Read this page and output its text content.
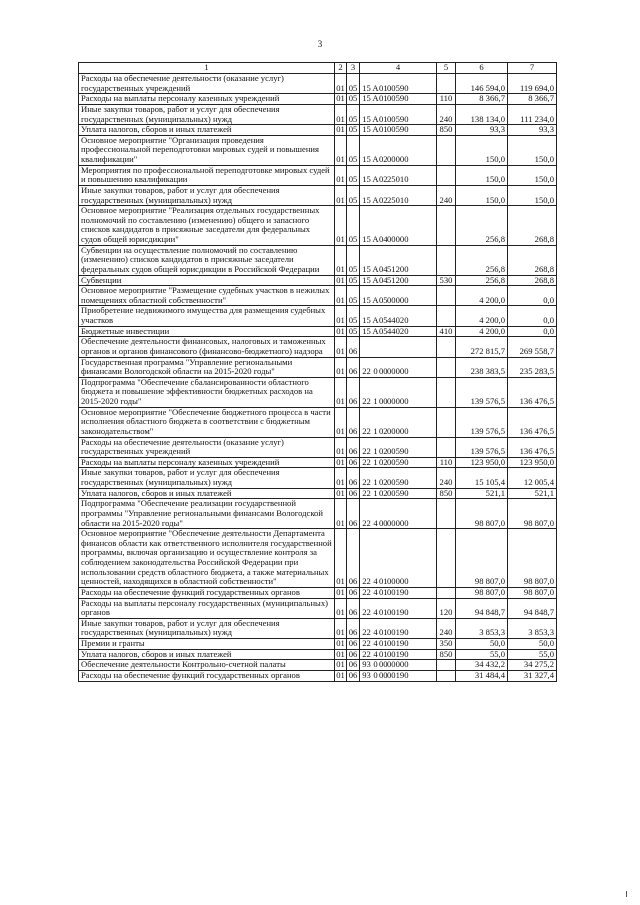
3
1	2	3	4	5	6	7
Расходы на обеспечение деятельности (оказание услуг) государственных учреждений	01	05	15 А0100590		146 594,0	119 694,0
Расходы на выплаты персоналу казенных учреждений	01	05	15 А0100590	110	8 366,7	8 366,7
Иные закупки товаров, работ и услуг для обеспечения государственных (муниципальных) нужд	01	05	15 А0100590	240	138 134,0	111 234,0
Уплата налогов, сборов и иных платежей	01	05	15 А0100590	850	93,3	93,3
Основное мероприятие "Организация проведения профессиональной переподготовки мировых судей и повышения квалификации"	01	05	15 А0200000		150,0	150,0
Мероприятия по профессиональной переподготовке мировых судей и повышению квалификации	01	05	15 А0225010		150,0	150,0
Иные закупки товаров, работ и услуг для обеспечения государственных (муниципальных) нужд	01	05	15 А0225010	240	150,0	150,0
Основное мероприятие "Реализация отдельных государственных полномочий по составлению (изменению) общего и запасного списков кандидатов в присяжные заседатели для федеральных судов общей юрисдикции"	01	05	15 А0400000		256,8	268,8
Субвенции на осуществление полномочий по составлению (изменению) списков кандидатов в присяжные заседатели федеральных судов общей юрисдикции в Российской Федерации	01	05	15 А0451200		256,8	268,8
Субвенции	01	05	15 А0451200	530	256,8	268,8
Основное мероприятие "Размещение судебных участков в нежилых помещениях областной собственности"	01	05	15 А0500000		4 200,0	0,0
Приобретение недвижимого имущества для размещения судебных участков	01	05	15 А0544020		4 200,0	0,0
Бюджетные инвестиции	01	05	15 А0544020	410	4 200,0	0,0
Обеспечение деятельности финансовых, налоговых и таможенных органов и органов финансового (финансово-бюджетного) надзора	01	06			272 815,7	269 558,7
Государственная программа "Управление региональными финансами Вологодской области на 2015-2020 годы"	01	06	22 00000000		238 383,5	235 283,5
Подпрограмма "Обеспечение сбалансированности областного бюджета и повышение эффективности бюджетных расходов на 2015-2020 годы"	01	06	22 10000000		139 576,5	136 476,5
Основное мероприятие "Обеспечение бюджетного процесса в части исполнения областного бюджета в соответствии с бюджетным законодательством"	01	06	22 10200000		139 576,5	136 476,5
Расходы на обеспечение деятельности (оказание услуг) государственных учреждений	01	06	22 10200590		139 576,5	136 476,5
Расходы на выплаты персоналу казенных учреждений	01	06	22 10200590	110	123 950,0	123 950,0
Иные закупки товаров, работ и услуг для обеспечения государственных (муниципальных) нужд	01	06	22 10200590	240	15 105,4	12 005,4
Уплата налогов, сборов и иных платежей	01	06	22 10200590	850	521,1	521,1
Подпрограмма "Обеспечение реализации государственной программы "Управление региональными финансами Вологодской области на 2015-2020 годы"	01	06	22 40000000		98 807,0	98 807,0
Основное мероприятие "Обеспечение деятельности Департамента финансов области как ответственного исполнителя государственной программы, включая организацию и осуществление контроля за соблюдением законодательства Российской Федерации при использовании средств областного бюджета, а также материальных ценностей, находящихся в областной собственности"	01	06	22 40100000		98 807,0	98 807,0
Расходы на обеспечение функций государственных органов	01	06	22 40100190		98 807,0	98 807,0
Расходы на выплаты персоналу государственных (муниципальных) органов	01	06	22 40100190	120	94 848,7	94 848,7
Иные закупки товаров, работ и услуг для обеспечения государственных (муниципальных) нужд	01	06	22 40100190	240	3 853,3	3 853,3
Премии и гранты	01	06	22 40100190	350	50,0	50,0
Уплата налогов, сборов и иных платежей	01	06	22 40100190	850	55,0	55,0
Обеспечение деятельности Контрольно-счетной палаты	01	06	93 00000000		34 432,2	34 275,2
Расходы на обеспечение функций государственных органов	01	06	93 00000190		31 484,4	31 327,4
